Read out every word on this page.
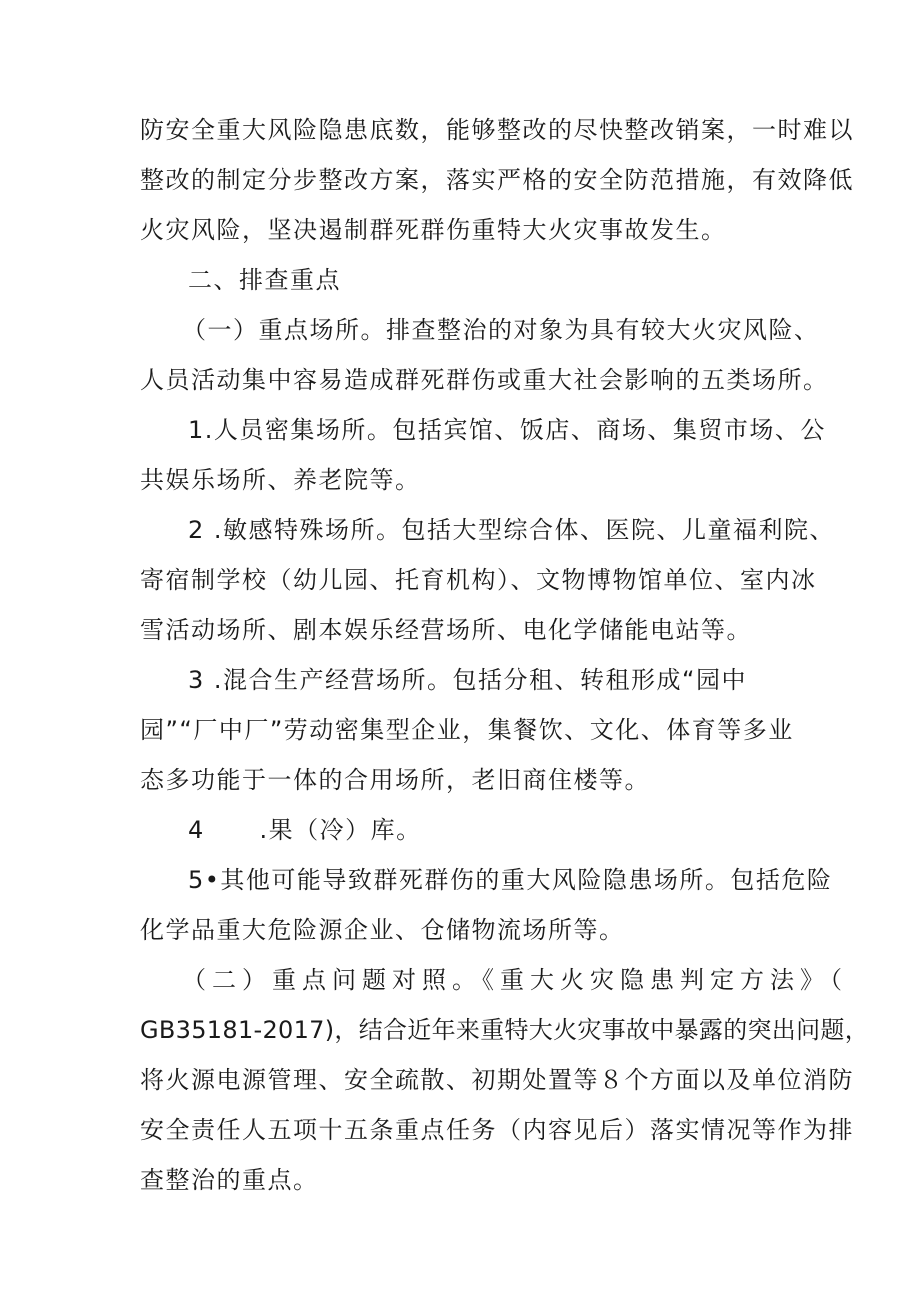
防安全重大风险隐患底数，能够整改的尽快整改销案，一时难以
整改的制定分步整改方案，落实严格的安全防范措施，有效降低
火灾风险，坚决遏制群死群伤重特大火灾事故发生。
二、排查重点
（一）重点场所。排查整治的对象为具有较大火灾风险、
人员活动集中容易造成群死群伤或重大社会影响的五类场所。
1.人员密集场所。包括宾馆、饭店、商场、集贸市场、公
共娱乐场所、养老院等。
2 .敏感特殊场所。包括大型综合体、医院、儿童福利院、
寄宿制学校（幼儿园、托育机构）、文物博物馆单位、室内冰
雪活动场所、剧本娱乐经营场所、电化学储能电站等。
3 .混合生产经营场所。包括分租、转租形成“园中
园”“厂中厂”劳动密集型企业，集餐饮、文化、体育等多业
态多功能于一体的合用场所，老旧商住楼等。
4      .果（冷）库。
5•其他可能导致群死群伤的重大风险隐患场所。包括危险
化学品重大危险源企业、仓储物流场所等。
（二）重点问题对照。《重大火灾隐患判定方法》（
GB35181-2017)，结合近年来重特大火灾事故中暴露的突出问题，
将火源电源管理、安全疏散、初期处置等８个方面以及单位消防
安全责任人五项十五条重点任务（内容见后）落实情况等作为排
查整治的重点。
